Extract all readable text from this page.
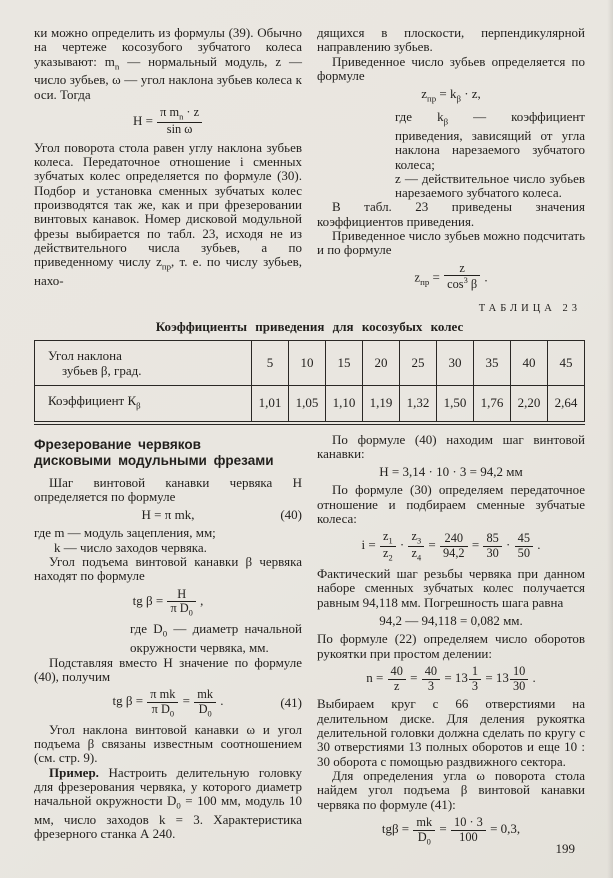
ки можно определить из формулы (39). Обычно на чертеже косозубого зубчатого колеса указывают: $m_n$ — нормальный модуль, z — число зубьев, ω — угол наклона зубьев колеса к оси. Тогда

$H = \frac{\pi m_n \cdot z}{\text{sin ω}}$

Угол поворота стола равен углу наклона зубьев колеса. Передаточное отношение i сменных зубчатых колес определяется по формуле (30). Подбор и установка сменных зубчатых колес производятся так же, как и при фрезеровании винтовых канавок. Номер дисковой модульной фрезы выбирается по табл. 23, исходя не из действительного числа зубьев, а по приведенному числу $z_{пр}$, т. е. по числу зубьев, нахо-

дящихся в плоскости, перпендикулярной направлению зубьев.

Приведенное число зубьев определяется по формуле

$z_{пр} = k_\beta \cdot z$,

где $k_\beta$ — коэффициент приведения, зависящий от угла наклона нарезаемого зубчатого колеса;

z — действительное число зубьев нарезаемого зубчатого колеса.

В табл. 23 приведены значения коэффициентов приведения.

Приведенное число зубьев можно подсчитать и по формуле

$z_{пр} = \frac{z}{\cos^3 \beta}$ .
ТАБЛИЦА 23
Коэффициенты приведения для косозубых колес
Угол наклона
зубьев β, град.	5	10	15	20	25	30	35	40	45
Коэффициент $К_\beta$	1,01	1,05	1,10	1,19	1,32	1,50	1,76	2,20	2,64
Фрезерование червяков
дисковыми модульными фрезами

Шаг винтовой канавки червяка H определяется по формуле

H = π mk,	(40)

где m — модуль зацепления, мм;

k — число заходов червяка.

Угол подъема винтовой канавки β червяка находят по формуле

tg $\beta = \frac{H}{\pi D_0}$ ,

где $D_0$ — диаметр начальной окружности червяка, мм.

Подставляя вместо H значение по формуле (40), получим

tg $\beta = \frac{\text{π mk}}{\pi D_0} = \frac{mk}{D_0}$ .	(41)

Угол наклона винтовой канавки ω и угол подъема β связаны известным соотношением (см. стр. 9).

Пример. Настроить делительную головку для фрезерования червяка, у которого диаметр начальной окружности $D_0 = 100$ мм, модуль 10 мм, число заходов k = 3. Характеристика фрезерного станка А 240.

По формуле (40) находим шаг винтовой канавки:

H = 3,14 · 10 · 3 = 94,2 мм

По формуле (30) определяем передаточное отношение и подбираем сменные зубчатые колеса:

$i = \frac{z_1}{z_2} \cdot \frac{z_3}{z_4} = \frac{240}{94,2} = \frac{85}{30} \cdot \frac{45}{50}$ .

Фактический шаг резьбы червяка при данном наборе сменных зубчатых колес получается равным 94,118 мм. Погрешность шага равна

94,2 — 94,118 = 0,082 мм.

По формуле (22) определяем число оборотов рукоятки при простом делении:

$n = \frac{40}{z} = \frac{40}{3} = 13 \frac{1}{3} = 13 \frac{10}{30}$ .

Выбираем круг с 66 отверстиями на делительном диске. Для деления рукоятка делительной головки должна сделать по кругу с 30 отверстиями 13 полных оборотов и еще 10 : 30 оборота с помощью раздвижного сектора.

Для определения угла ω поворота стола найдем угол подъема β винтовой канавки червяка по формуле (41):

$tg\beta = \frac{mk}{D_0} = \frac{10 \cdot 3}{100} = 0,3$,
199
